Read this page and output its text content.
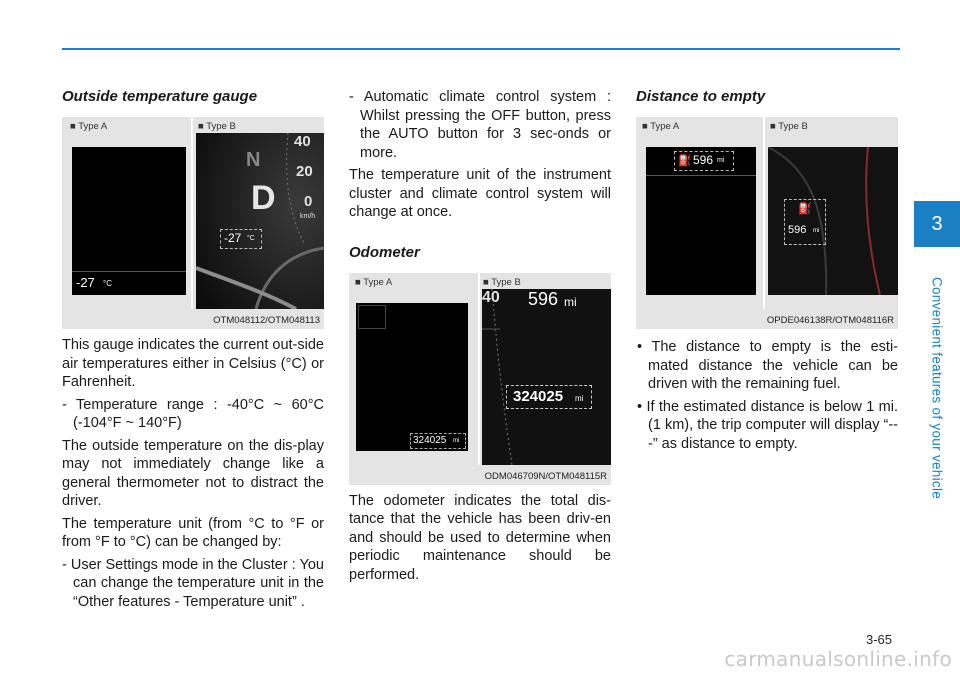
Outside temperature gauge
■ Type A	■ Type B
-27 °C
N
D
40
20
0
km/h
-27 °C
OTM048112/OTM048113

This gauge indicates the current out-side air temperatures either in Celsius (°C) or Fahrenheit.

- Temperature range : -40°C ~ 60°C (-104°F ~ 140°F)

The outside temperature on the dis-play may not immediately change like a general thermometer not to distract the driver.

The temperature unit (from °C to °F or from °F to °C) can be changed by:

- User Settings mode in the Cluster : You can change the temperature unit in the “Other features - Temperature unit” .

- Automatic climate control system : Whilst pressing the OFF button, press the AUTO button for 3 sec-onds or more.

The temperature unit of the instrument cluster and climate control system will change at once.

Odometer
■ Type A	■ Type B
324025 mi
40 596 mi
324025 mi
ODM046709N/OTM048115R

The odometer indicates the total dis-tance that the vehicle has been driv-en and should be used to determine when periodic maintenance should be performed.

Distance to empty
■ Type A	■ Type B
⛽ 596 mi
⛽
596 mi
OPDE046138R/OTM048116R

• The distance to empty is the esti-mated distance the vehicle can be driven with the remaining fuel.

• If the estimated distance is below 1 mi. (1 km), the trip computer will display “---” as distance to empty.

3
Convenient features of your vehicle
3-65
carmanualsonline.info
